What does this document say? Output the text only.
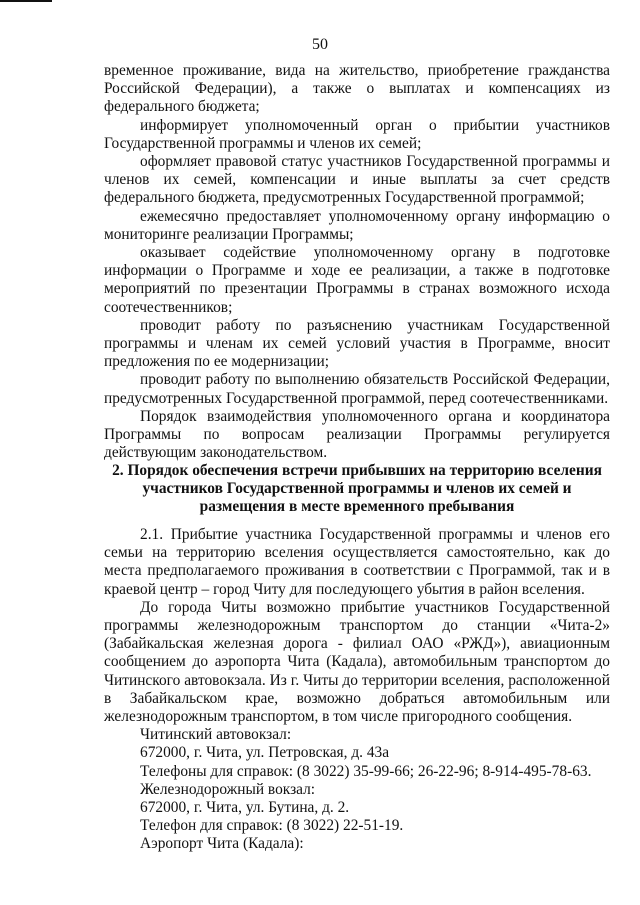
50

временное проживание, вида на жительство, приобретение гражданства Российской Федерации), а также о выплатах и компенсациях из федерального бюджета;

информирует уполномоченный орган о прибытии участников Государственной программы и членов их семей;

оформляет правовой статус участников Государственной программы и членов их семей, компенсации и иные выплаты за счет средств федерального бюджета, предусмотренных Государственной программой;

ежемесячно предоставляет уполномоченному органу информацию о мониторинге реализации Программы;

оказывает содействие уполномоченному органу в подготовке информации о Программе и ходе ее реализации, а также в подготовке мероприятий по презентации Программы в странах возможного исхода соотечественников;

проводит работу по разъяснению участникам Государственной программы и членам их семей условий участия в Программе, вносит предложения по ее модернизации;

проводит работу по выполнению обязательств Российской Федерации, предусмотренных Государственной программой, перед соотечественниками.

Порядок взаимодействия уполномоченного органа и координатора Программы по вопросам реализации Программы регулируется действующим законодательством.

2. Порядок обеспечения встречи прибывших на территорию вселения участников Государственной программы и членов их семей и размещения в месте временного пребывания

2.1. Прибытие участника Государственной программы и членов его семьи на территорию вселения осуществляется самостоятельно, как до места предполагаемого проживания в соответствии с Программой, так и в краевой центр – город Читу для последующего убытия в район вселения.

До города Читы возможно прибытие участников Государственной программы железнодорожным транспортом до станции «Чита-2» (Забайкальская железная дорога - филиал ОАО «РЖД»), авиационным сообщением до аэропорта Чита (Кадала), автомобильным транспортом до Читинского автовокзала. Из г. Читы до территории вселения, расположенной в Забайкальском крае, возможно добраться автомобильным или железнодорожным транспортом, в том числе пригородного сообщения.

Читинский автовокзал:

672000, г. Чита, ул. Петровская, д. 43а

Телефоны для справок: (8 3022) 35-99-66; 26-22-96; 8-914-495-78-63.

Железнодорожный вокзал:

672000, г. Чита, ул. Бутина, д. 2.

Телефон для справок: (8 3022) 22-51-19.

Аэропорт Чита (Кадала):
